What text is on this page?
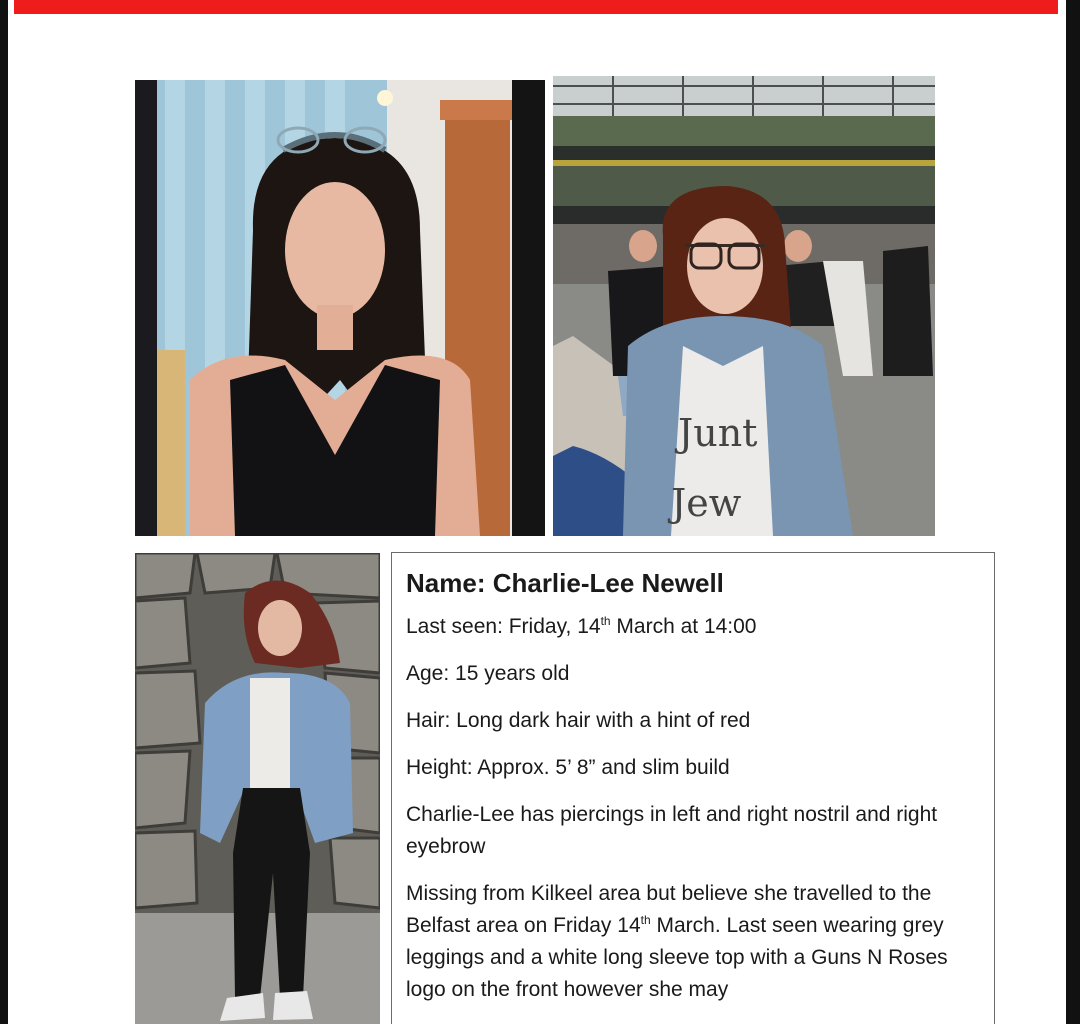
Junt
Jew
Name: Charlie-Lee Newell

Last seen: Friday, 14th March at 14:00

Age: 15 years old

Hair: Long dark hair with a hint of red

Height: Approx. 5’ 8” and slim build

Charlie-Lee has piercings in left and right nostril and right eyebrow

Missing from Kilkeel area but believe she travelled to the Belfast area on Friday 14th March. Last seen wearing grey leggings and a white long sleeve top with a Guns N Roses logo on the front however she may
